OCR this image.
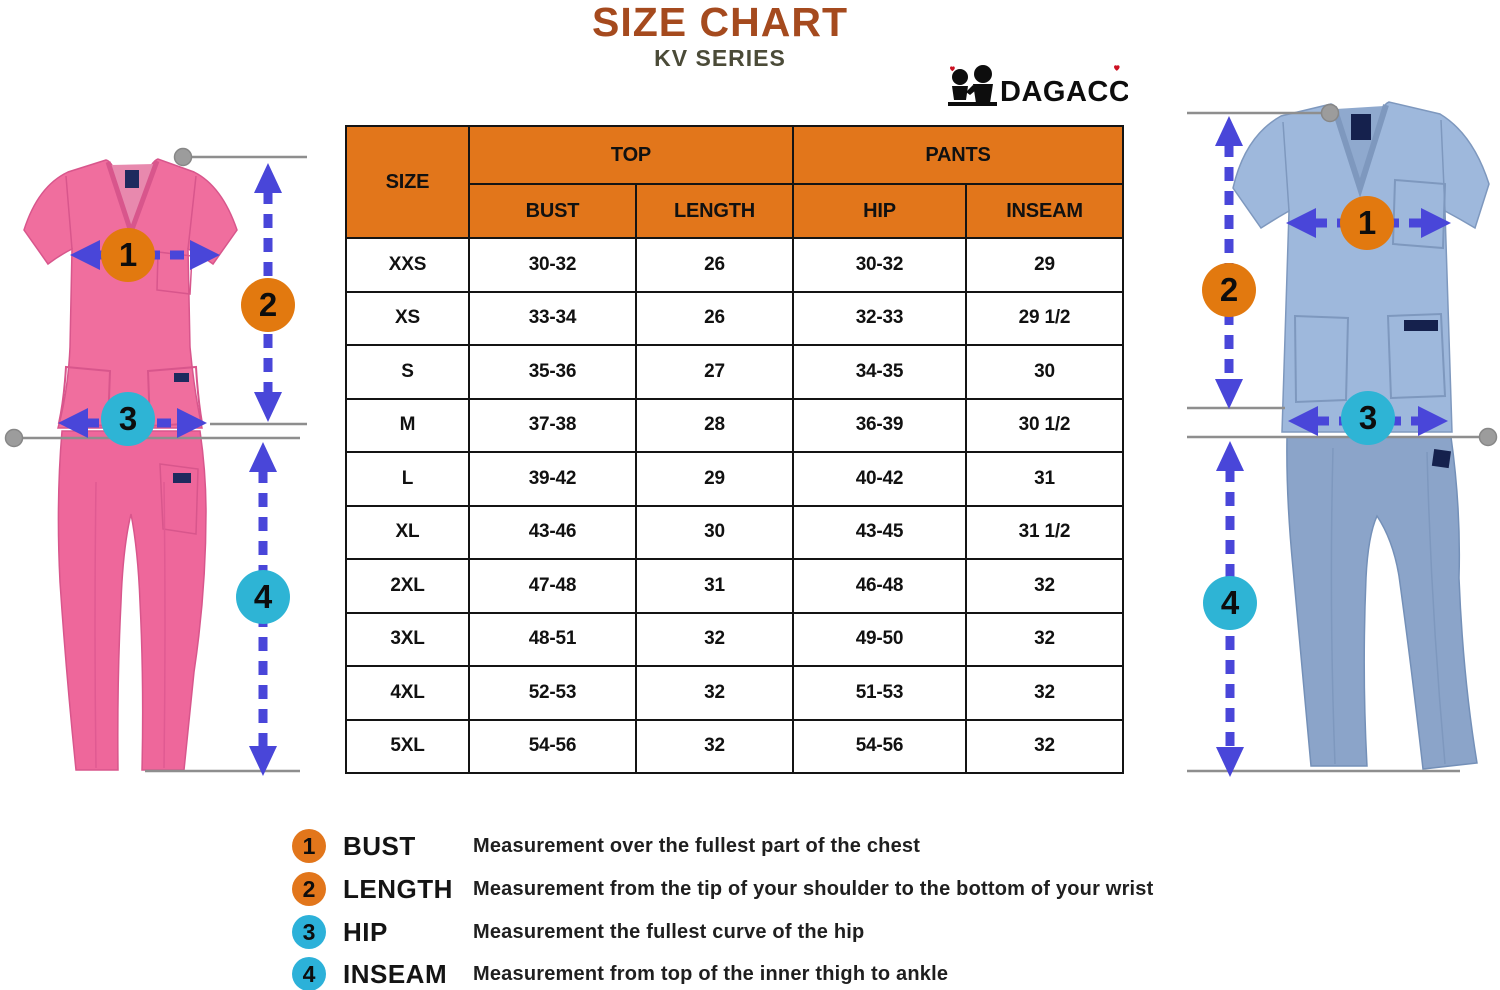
SIZE CHART
KV SERIES
DAGACCi
SIZE	TOP		PANTS	
	BUST	LENGTH	HIP	INSEAM
XXS	30-32	26	30-32	29
XS	33-34	26	32-33	29 1/2
S	35-36	27	34-35	30
M	37-38	28	36-39	30 1/2
L	39-42	29	40-42	31
XL	43-46	30	43-45	31 1/2
2XL	47-48	31	46-48	32
3XL	48-51	32	49-50	32
4XL	52-53	32	51-53	32
5XL	54-56	32	54-56	32
1
2
3
4
1
2
3
4
1	BUST	Measurement over the fullest part of the chest
2	LENGTH	Measurement from the tip of your shoulder to the bottom of your wrist
3	HIP	Measurement the fullest curve of the hip
4	INSEAM	Measurement from top of the inner thigh to ankle
